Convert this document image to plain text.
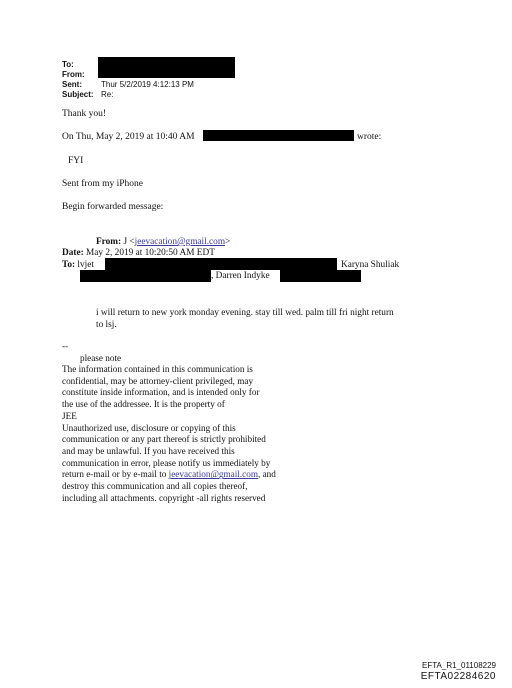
To:
From:
Sent: Thur 5/2/2019 4:12:13 PM
Subject: Re:
Thank you!
On Thu, May 2, 2019 at 10:40 AM	wrote:
FYI
Sent from my iPhone
Begin forwarded message:
From: J <jeevacation@gmail.com>
Date: May 2, 2019 at 10:20:50 AM EDT
To: lvjet	Karyna Shuliak
, Darren Indyke
i will return to new york monday evening. stay till wed. palm till fri night return
to lsj.
--
please note
The information contained in this communication is
confidential, may be attorney-client privileged, may
constitute inside information, and is intended only for
the use of the addressee. It is the property of
JEE
Unauthorized use, disclosure or copying of this
communication or any part thereof is strictly prohibited
and may be unlawful. If you have received this
communication in error, please notify us immediately by
return e-mail or by e-mail to jeevacation@gmail.com, and
destroy this communication and all copies thereof,
including all attachments. copyright -all rights reserved
EFTA_R1_01108229
EFTA02284620
